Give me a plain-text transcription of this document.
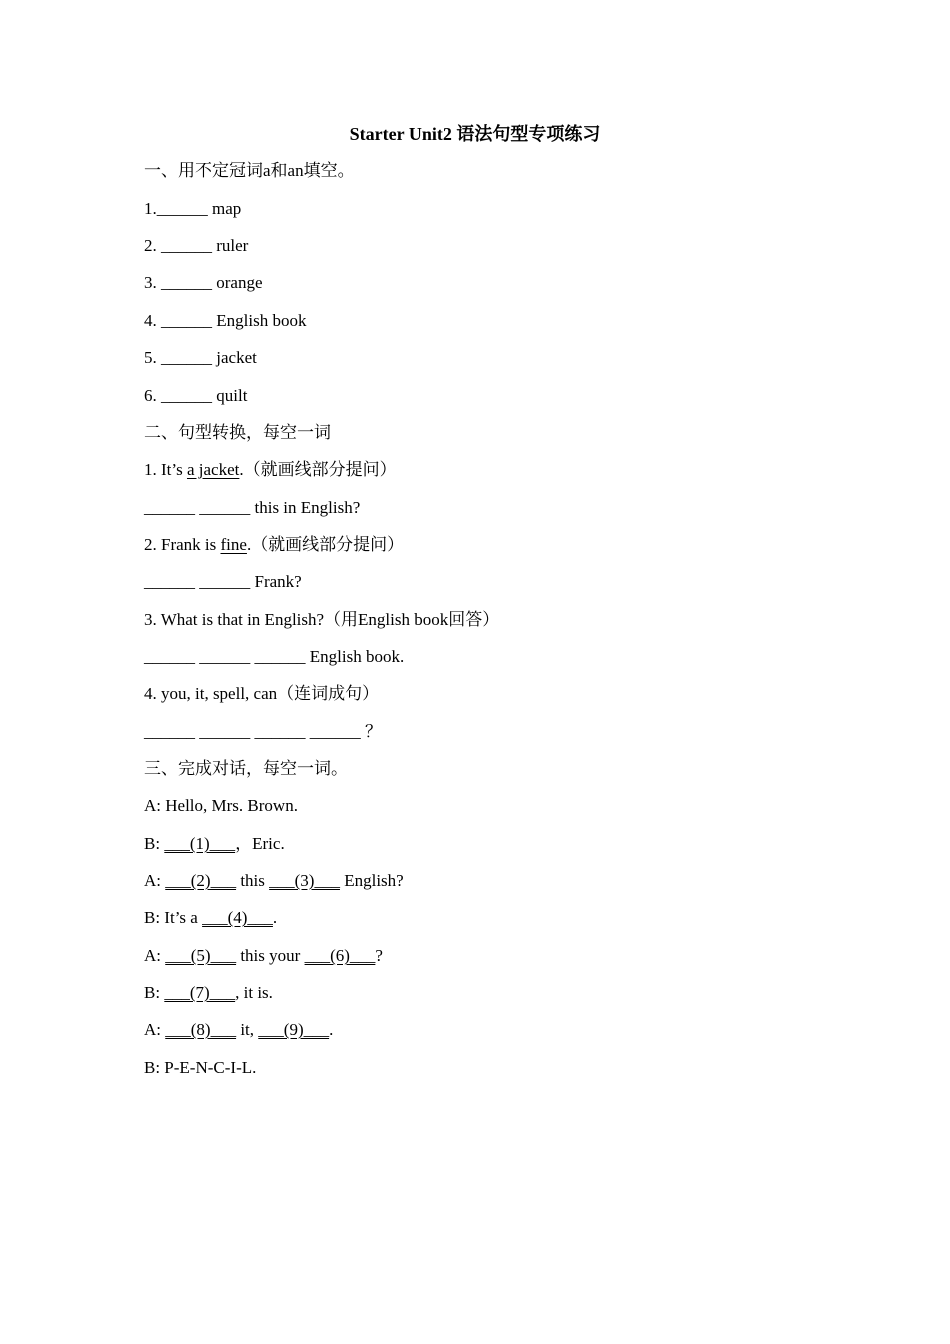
Starter Unit2 语法句型专项练习
一、用不定冠词a和an填空。
1.______ map
2. ______ ruler
3. ______ orange
4. ______ English book
5. ______ jacket
6. ______ quilt
二、句型转换，每空一词
1. It’s a jacket.（就画线部分提问）
______ ______ this in English?
2. Frank is fine.（就画线部分提问）
______ ______ Frank?
3. What is that in English?（用English book回答）
______ ______ ______ English book.
4. you, it, spell, can（连词成句）
______ ______ ______ ______ ？
三、完成对话，每空一词。
A: Hello, Mrs. Brown.
B: ___(1)___，Eric.
A: ___(2)___ this ___(3)___ English?
B: It’s a ___(4)___.
A: ___(5)___ this your ___(6)___?
B: ___(7)___, it is.
A: ___(8)___ it, ___(9)___.
B: P-E-N-C-I-L.
